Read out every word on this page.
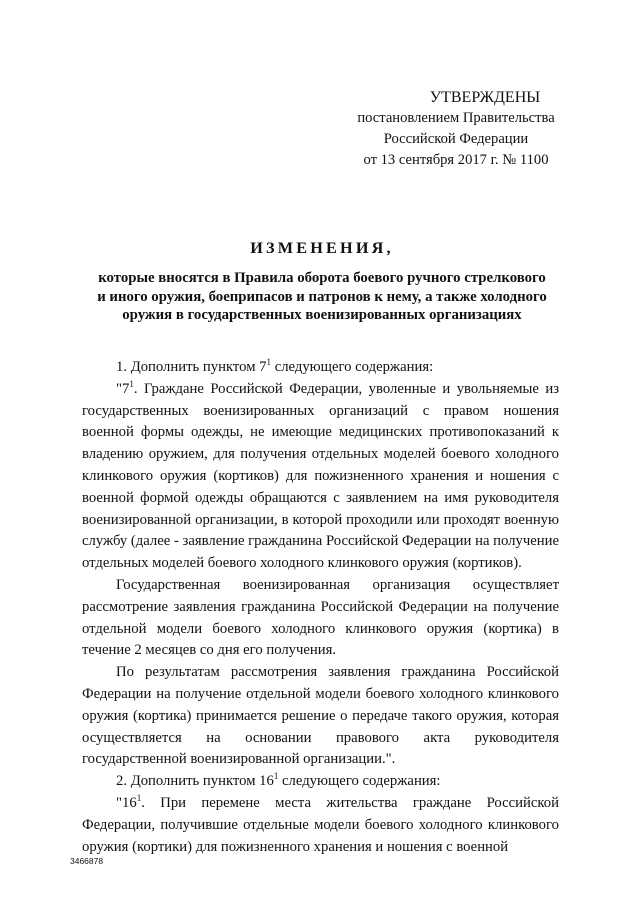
УТВЕРЖДЕНЫ
постановлением Правительства
Российской Федерации
от 13 сентября 2017 г. № 1100
ИЗМЕНЕНИЯ,
которые вносятся в Правила оборота боевого ручного стрелкового
и иного оружия, боеприпасов и патронов к нему, а также холодного
оружия в государственных военизированных организациях

1. Дополнить пунктом $7^1$ следующего содержания:

"$7^1$. Граждане Российской Федерации, уволенные и увольняемые из государственных военизированных организаций с правом ношения военной формы одежды, не имеющие медицинских противопоказаний к владению оружием, для получения отдельных моделей боевого холодного клинкового оружия (кортиков) для пожизненного хранения и ношения с военной формой одежды обращаются с заявлением на имя руководителя военизированной организации, в которой проходили или проходят военную службу (далее - заявление гражданина Российской Федерации на получение отдельных моделей боевого холодного клинкового оружия (кортиков).

Государственная военизированная организация осуществляет рассмотрение заявления гражданина Российской Федерации на получение отдельной модели боевого холодного клинкового оружия (кортика) в течение 2 месяцев со дня его получения.

По результатам рассмотрения заявления гражданина Российской Федерации на получение отдельной модели боевого холодного клинкового оружия (кортика) принимается решение о передаче такого оружия, которая осуществляется на основании правового акта руководителя государственной военизированной организации.".

2. Дополнить пунктом $16^1$ следующего содержания:

"$16^1$. При перемене места жительства граждане Российской Федерации, получившие отдельные модели боевого холодного клинкового оружия (кортики) для пожизненного хранения и ношения с военной

3466878
